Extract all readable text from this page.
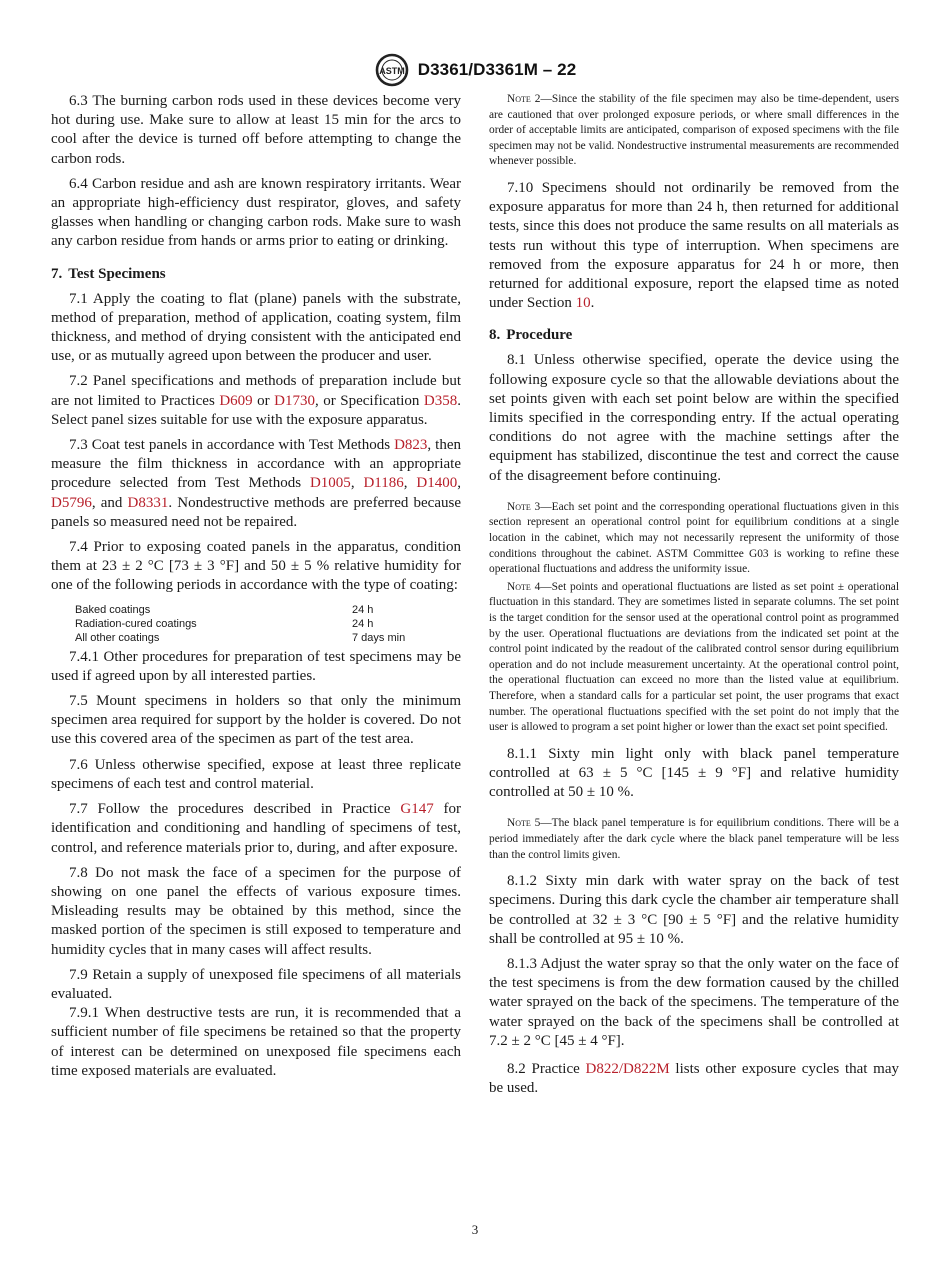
ASTM D3361/D3361M – 22

6.3 The burning carbon rods used in these devices become very hot during use. Make sure to allow at least 15 min for the arcs to cool after the device is turned off before attempting to change the carbon rods.

6.4 Carbon residue and ash are known respiratory irritants. Wear an appropriate high-efficiency dust respirator, gloves, and safety glasses when handling or changing carbon rods. Make sure to wash any carbon residue from hands or arms prior to eating or drinking.

7. Test Specimens

7.1 Apply the coating to flat (plane) panels with the substrate, method of preparation, method of application, coating system, film thickness, and method of drying consistent with the anticipated end use, or as mutually agreed upon between the producer and user.

7.2 Panel specifications and methods of preparation include but are not limited to Practices D609 or D1730, or Specification D358. Select panel sizes suitable for use with the exposure apparatus.

7.3 Coat test panels in accordance with Test Methods D823, then measure the film thickness in accordance with an appropriate procedure selected from Test Methods D1005, D1186, D1400, D5796, and D8331. Nondestructive methods are preferred because panels so measured need not be repaired.

7.4 Prior to exposing coated panels in the apparatus, condition them at 23 ± 2 °C [73 ± 3 °F] and 50 ± 5 % relative humidity for one of the following periods in accordance with the type of coating:

Baked coatings	24 h
Radiation-cured coatings	24 h
All other coatings	7 days min

7.4.1 Other procedures for preparation of test specimens may be used if agreed upon by all interested parties.

7.5 Mount specimens in holders so that only the minimum specimen area required for support by the holder is covered. Do not use this covered area of the specimen as part of the test area.

7.6 Unless otherwise specified, expose at least three replicate specimens of each test and control material.

7.7 Follow the procedures described in Practice G147 for identification and conditioning and handling of specimens of test, control, and reference materials prior to, during, and after exposure.

7.8 Do not mask the face of a specimen for the purpose of showing on one panel the effects of various exposure times. Misleading results may be obtained by this method, since the masked portion of the specimen is still exposed to temperature and humidity cycles that in many cases will affect results.

7.9 Retain a supply of unexposed file specimens of all materials evaluated.

7.9.1 When destructive tests are run, it is recommended that a sufficient number of file specimens be retained so that the property of interest can be determined on unexposed file specimens each time exposed materials are evaluated.

Note 2—Since the stability of the file specimen may also be time-dependent, users are cautioned that over prolonged exposure periods, or where small differences in the order of acceptable limits are anticipated, comparison of exposed specimens with the file specimen may not be valid. Nondestructive instrumental measurements are recommended whenever possible.

7.10 Specimens should not ordinarily be removed from the exposure apparatus for more than 24 h, then returned for additional tests, since this does not produce the same results on all materials as tests run without this type of interruption. When specimens are removed from the exposure apparatus for 24 h or more, then returned for additional exposure, report the elapsed time as noted under Section 10.

8. Procedure

8.1 Unless otherwise specified, operate the device using the following exposure cycle so that the allowable deviations about the set points given with each set point below are within the specified limits specified in the corresponding entry. If the actual operating conditions do not agree with the machine settings after the equipment has stabilized, discontinue the test and correct the cause of the disagreement before continuing.

Note 3—Each set point and the corresponding operational fluctuations given in this section represent an operational control point for equilibrium conditions at a single location in the cabinet, which may not necessarily represent the uniformity of those conditions throughout the cabinet. ASTM Committee G03 is working to refine these operational fluctuations and address the uniformity issue.

Note 4—Set points and operational fluctuations are listed as set point ± operational fluctuation in this standard. They are sometimes listed in separate columns. The set point is the target condition for the sensor used at the operational control point as programmed by the user. Operational fluctuations are deviations from the indicated set point at the control point indicated by the readout of the calibrated control sensor during equilibrium operation and do not include measurement uncertainty. At the operational control point, the operational fluctuation can exceed no more than the listed value at equilibrium. Therefore, when a standard calls for a particular set point, the user programs that exact number. The operational fluctuations specified with the set point do not imply that the user is allowed to program a set point higher or lower than the exact set point specified.

8.1.1 Sixty min light only with black panel temperature controlled at 63 ± 5 °C [145 ± 9 °F] and relative humidity controlled at 50 ± 10 %.

Note 5—The black panel temperature is for equilibrium conditions. There will be a period immediately after the dark cycle where the black panel temperature will be less than the control limits given.

8.1.2 Sixty min dark with water spray on the back of test specimens. During this dark cycle the chamber air temperature shall be controlled at 32 ± 3 °C [90 ± 5 °F] and the relative humidity shall be controlled at 95 ± 10 %.

8.1.3 Adjust the water spray so that the only water on the face of the test specimens is from the dew formation caused by the chilled water sprayed on the back of the specimens. The temperature of the water sprayed on the back of the specimens shall be controlled at 7.2 ± 2 °C [45 ± 4 °F].

8.2 Practice D822/D822M lists other exposure cycles that may be used.

3
